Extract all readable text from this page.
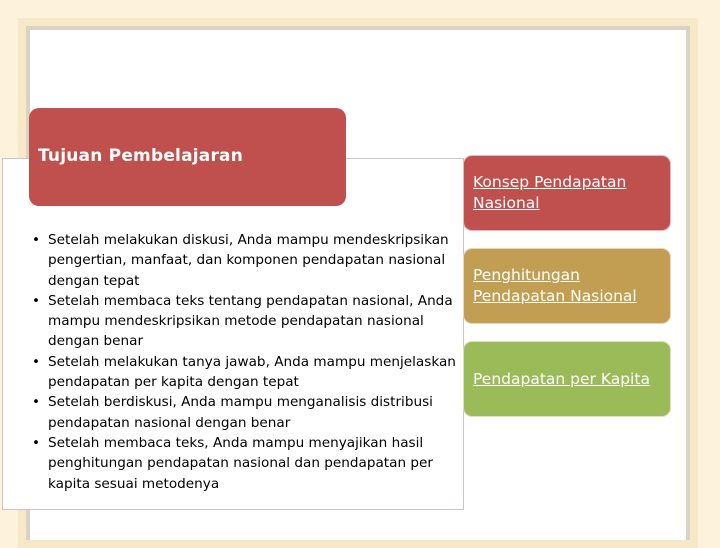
Tujuan Pembelajaran
• Setelah melakukan diskusi, Anda mampu mendeskripsikan pengertian, manfaat, dan komponen pendapatan nasional dengan tepat
• Setelah membaca teks tentang pendapatan nasional, Anda mampu mendeskripsikan metode pendapatan nasional dengan benar
• Setelah melakukan tanya jawab, Anda mampu menjelaskan pendapatan per kapita dengan tepat
• Setelah berdiskusi, Anda mampu menganalisis distribusi pendapatan nasional dengan benar
• Setelah membaca teks, Anda mampu menyajikan hasil penghitungan pendapatan nasional dan pendapatan per kapita sesuai metodenya
Konsep Pendapatan Nasional
Penghitungan Pendapatan Nasional
Pendapatan per Kapita
